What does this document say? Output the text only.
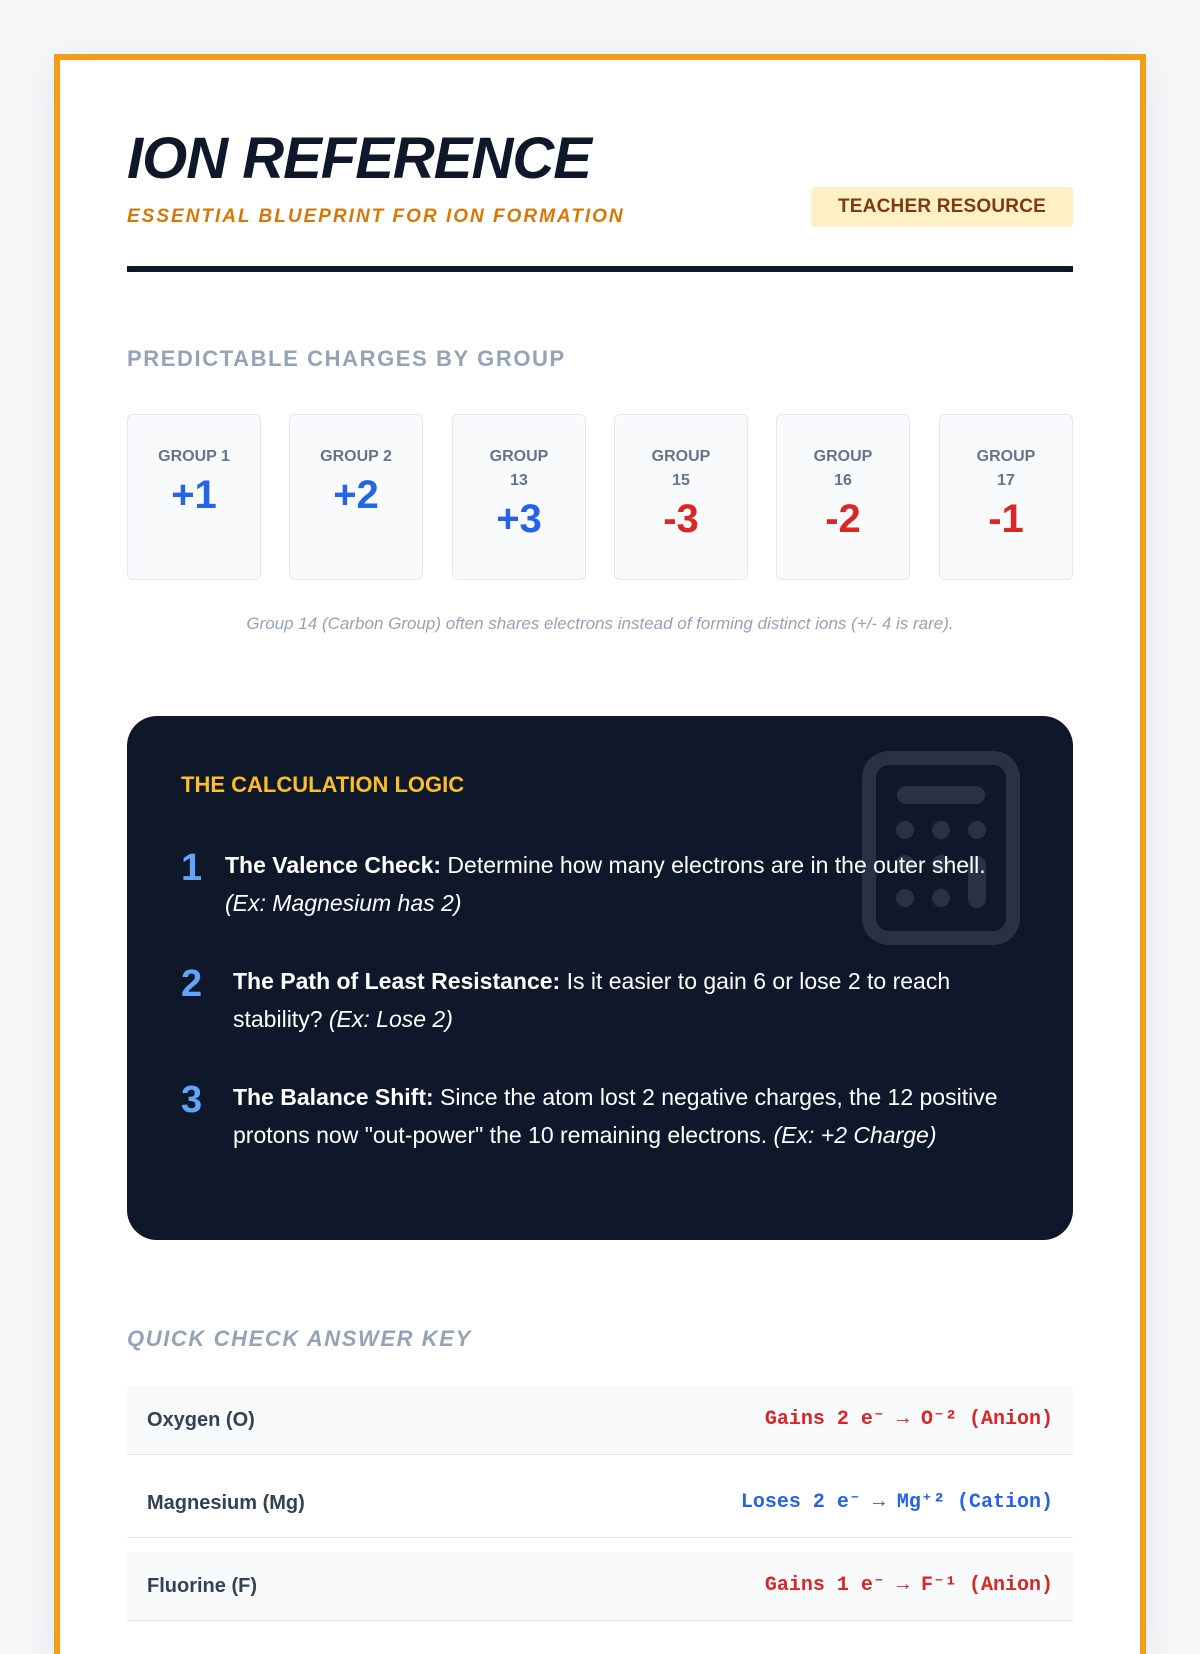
ION REFERENCE
ESSENTIAL BLUEPRINT FOR ION FORMATION	TEACHER RESOURCE
PREDICTABLE CHARGES BY GROUP
GROUP 1
+1
GROUP 2
+2
GROUP 13
+3
GROUP 15
-3
GROUP 16
-2
GROUP 17
-1
Group 14 (Carbon Group) often shares electrons instead of forming distinct ions (+/- 4 is rare).
THE CALCULATION LOGIC
1 The Valence Check: Determine how many electrons are in the outer shell. (Ex: Magnesium has 2)
2 The Path of Least Resistance: Is it easier to gain 6 or lose 2 to reach stability? (Ex: Lose 2)
3 The Balance Shift: Since the atom lost 2 negative charges, the 12 positive protons now "out-power" the 10 remaining electrons. (Ex: +2 Charge)
QUICK CHECK ANSWER KEY
Oxygen (O)	Gains 2 e⁻ → O⁻² (Anion)
Magnesium (Mg)	Loses 2 e⁻ → Mg⁺² (Cation)
Fluorine (F)	Gains 1 e⁻ → F⁻¹ (Anion)
